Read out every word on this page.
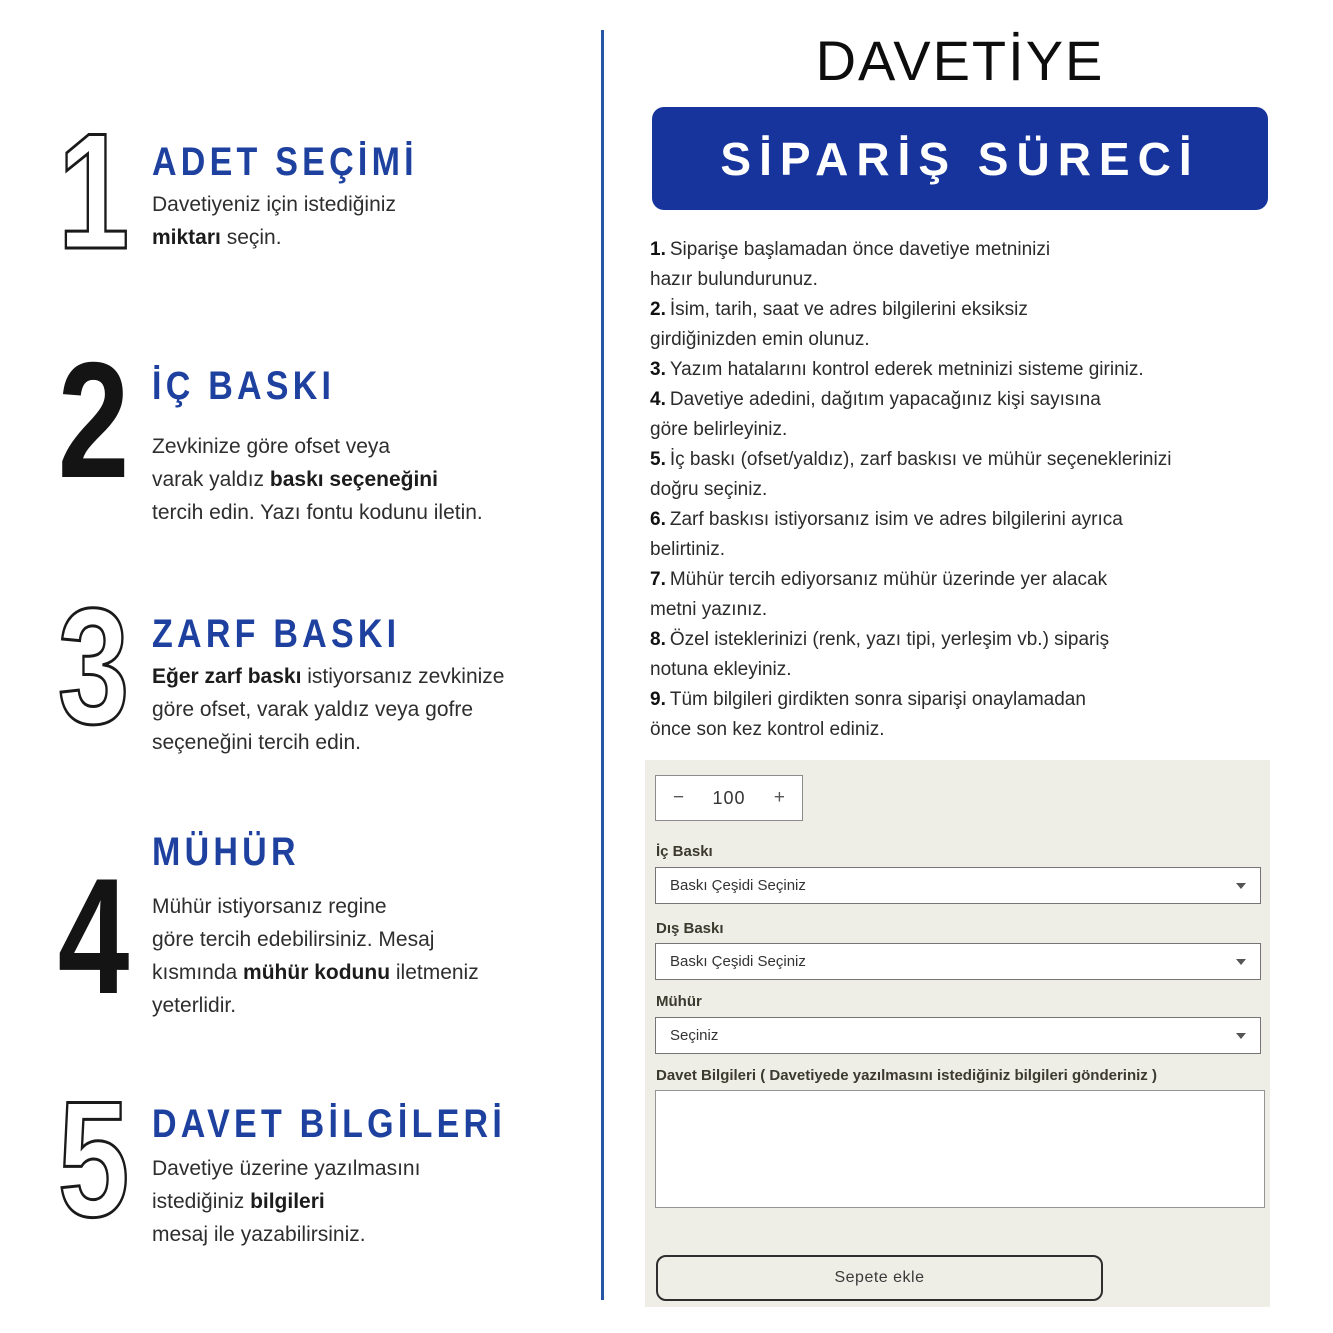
1 ADET SEÇİMİ
Davetiyeniz için istediğiniz
miktarı seçin.
2 İÇ BASKI
Zevkinize göre ofset veya
varak yaldız baskı seçeneğini
tercih edin. Yazı fontu kodunu iletin.
3 ZARF BASKI
Eğer zarf baskı istiyorsanız zevkinize
göre ofset, varak yaldız veya gofre
seçeneğini tercih edin.
4 MÜHÜR
Mühür istiyorsanız regine
göre tercih edebilirsiniz. Mesaj
kısmında mühür kodunu iletmeniz
yeterlidir.
5 DAVET BİLGİLERİ
Davetiye üzerine yazılmasını
istediğiniz bilgileri
mesaj ile yazabilirsiniz.
DAVETİYE
SİPARİŞ SÜRECİ
1. Siparişe başlamadan önce davetiye metninizi
hazır bulundurunuz.
2. İsim, tarih, saat ve adres bilgilerini eksiksiz
girdiğinizden emin olunuz.
3. Yazım hatalarını kontrol ederek metninizi sisteme giriniz.
4. Davetiye adedini, dağıtım yapacağınız kişi sayısına
göre belirleyiniz.
5. İç baskı (ofset/yaldız), zarf baskısı ve mühür seçeneklerinizi
doğru seçiniz.
6. Zarf baskısı istiyorsanız isim ve adres bilgilerini ayrıca
belirtiniz.
7. Mühür tercih ediyorsanız mühür üzerinde yer alacak
metni yazınız.
8. Özel isteklerinizi (renk, yazı tipi, yerleşim vb.) sipariş
notuna ekleyiniz.
9. Tüm bilgileri girdikten sonra siparişi onaylamadan
önce son kez kontrol ediniz.
− 100 +
İç Baskı
Baskı Çeşidi Seçiniz
Dış Baskı
Baskı Çeşidi Seçiniz
Mühür
Seçiniz
Davet Bilgileri ( Davetiyede yazılmasını istediğiniz bilgileri gönderiniz )
Sepete ekle
